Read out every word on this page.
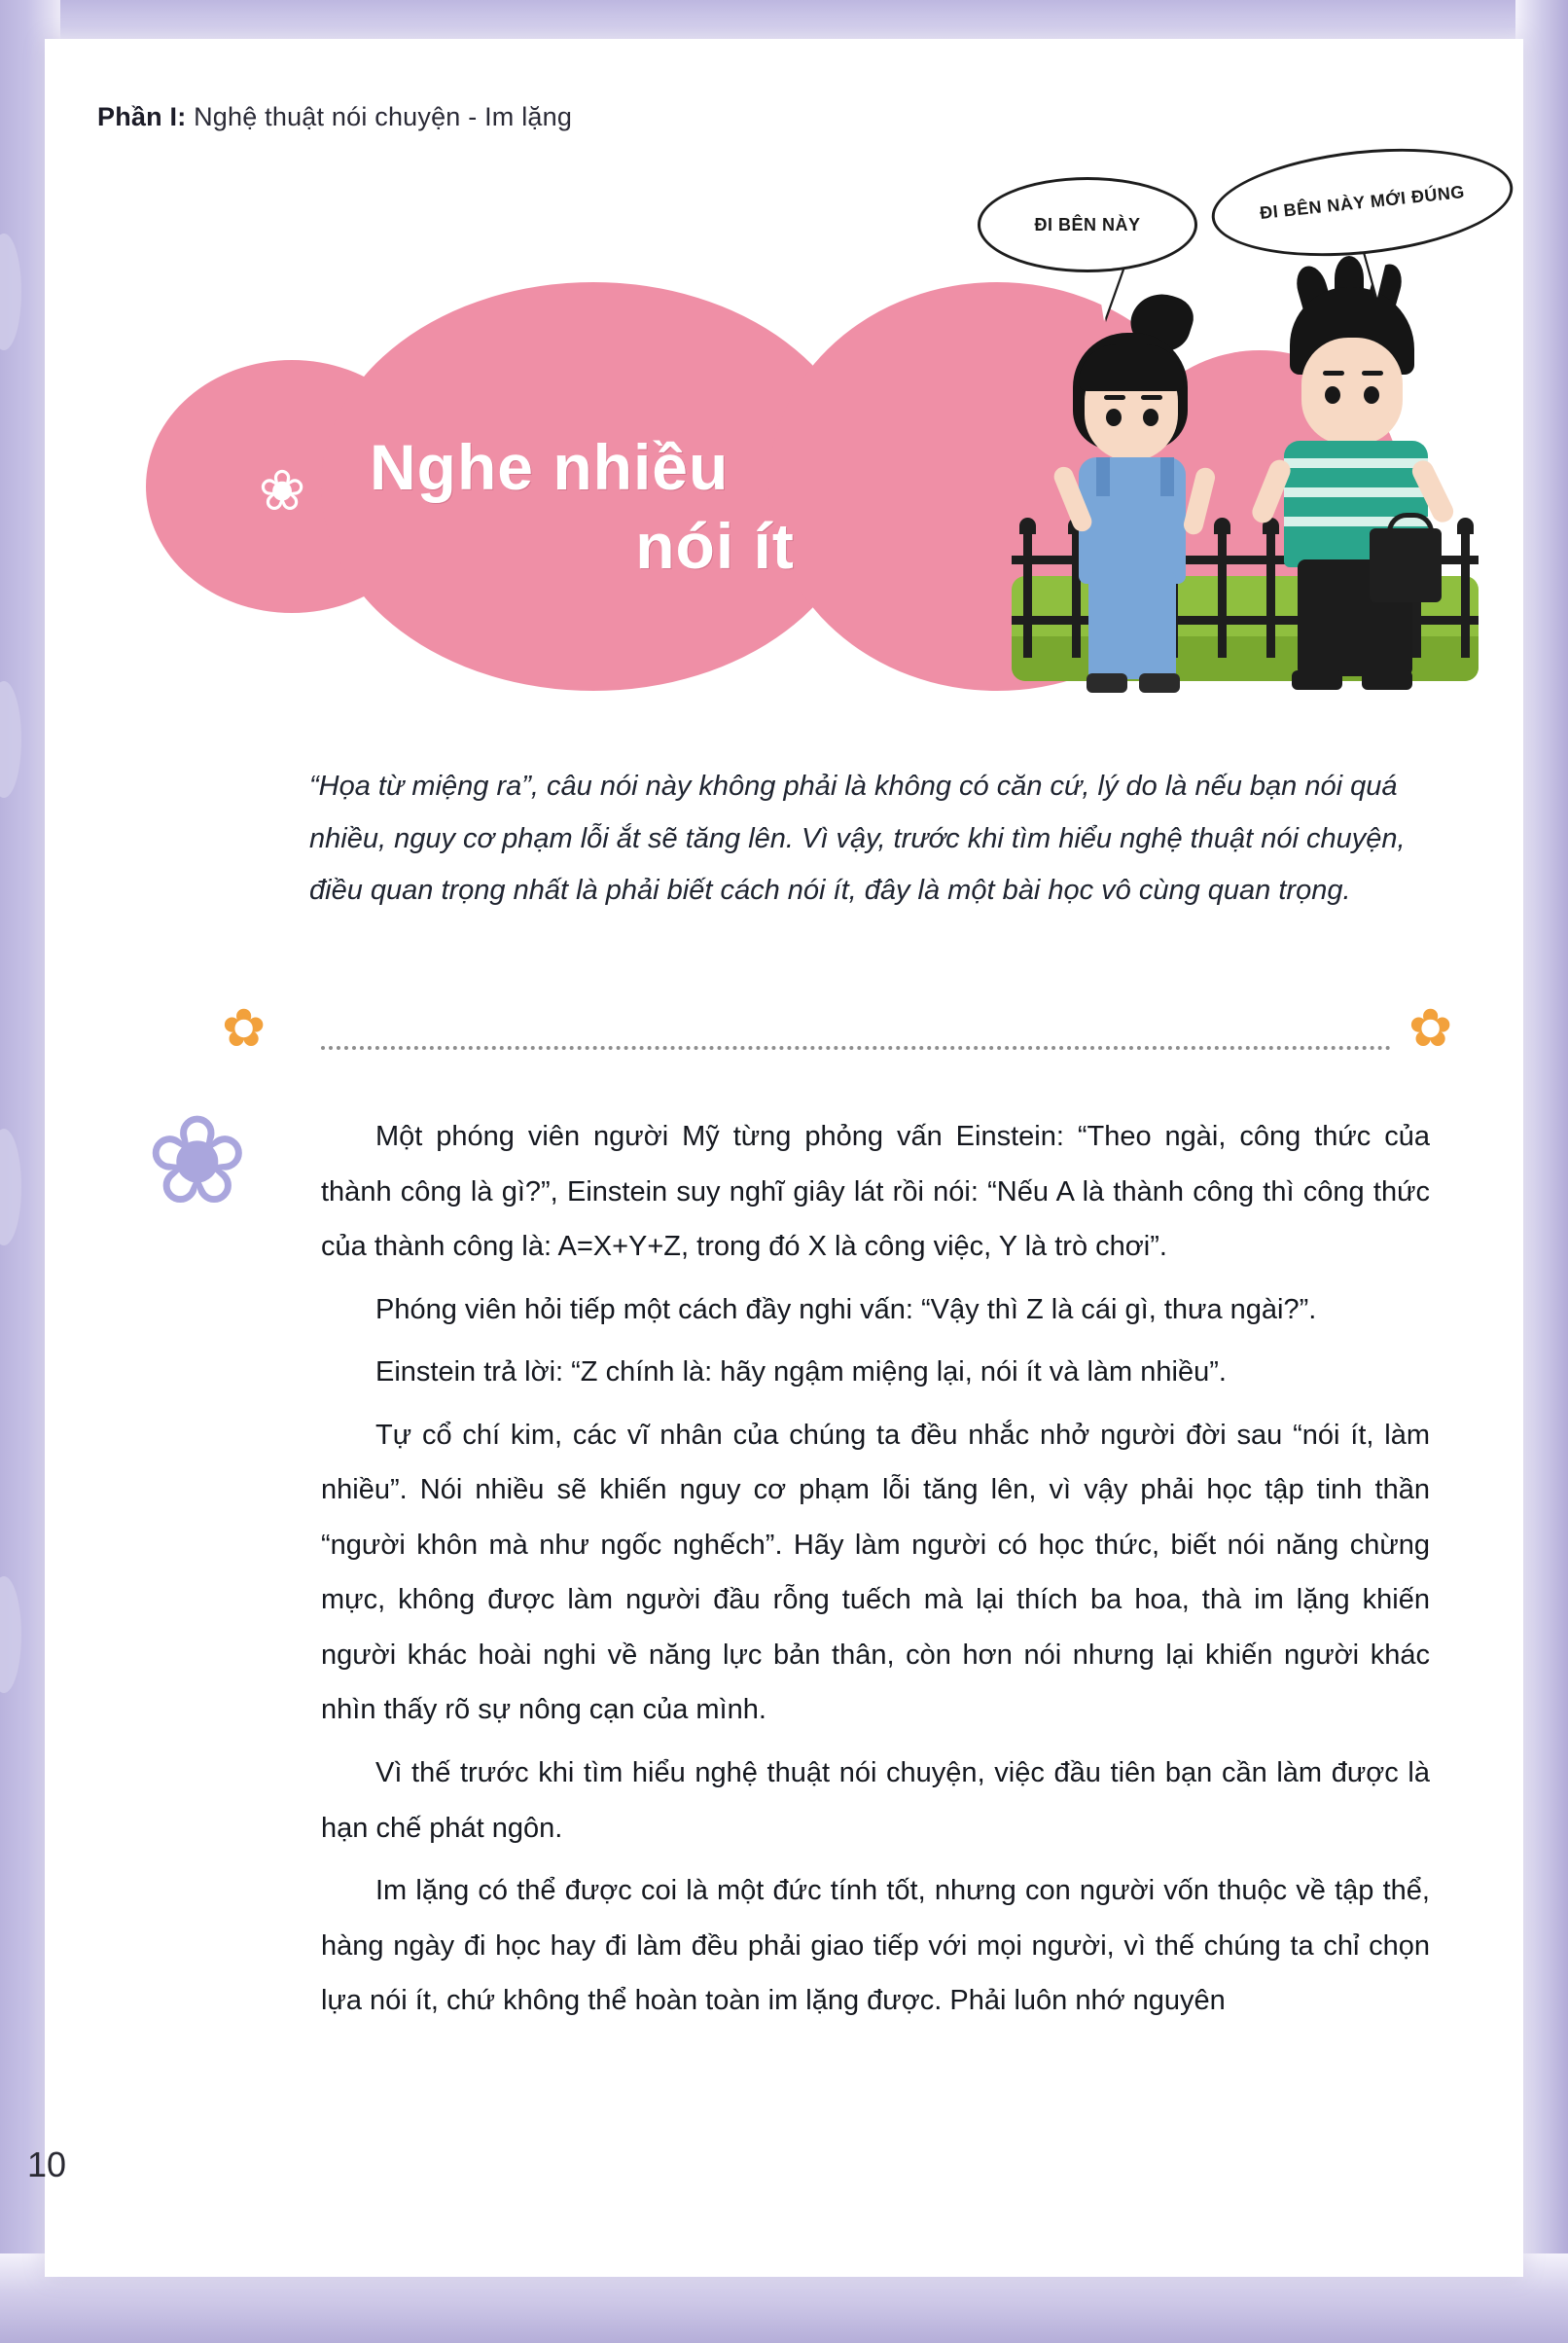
Phần I: Nghệ thuật nói chuyện - Im lặng
❀ Nghe nhiều
nói ít
ĐI BÊN NÀY
ĐI BÊN NÀY MỚI ĐÚNG
“Họa từ miệng ra”, câu nói này không phải là không có căn cứ, lý do là nếu bạn nói quá nhiều, nguy cơ phạm lỗi ắt sẽ tăng lên. Vì vậy, trước khi tìm hiểu nghệ thuật nói chuyện, điều quan trọng nhất là phải biết cách nói ít, đây là một bài học vô cùng quan trọng.
✿	✿
❀	Một phóng viên người Mỹ từng phỏng vấn Einstein: “Theo ngài, công thức của thành công là gì?”, Einstein suy nghĩ giây lát rồi nói: “Nếu A là thành công thì công thức của thành công là: A=X+Y+Z, trong đó X là công việc, Y là trò chơi”.

Phóng viên hỏi tiếp một cách đầy nghi vấn: “Vậy thì Z là cái gì, thưa ngài?”.

Einstein trả lời: “Z chính là: hãy ngậm miệng lại, nói ít và làm nhiều”.

Tự cổ chí kim, các vĩ nhân của chúng ta đều nhắc nhở người đời sau “nói ít, làm nhiều”. Nói nhiều sẽ khiến nguy cơ phạm lỗi tăng lên, vì vậy phải học tập tinh thần “người khôn mà như ngốc nghếch”. Hãy làm người có học thức, biết nói năng chừng mực, không được làm người đầu rỗng tuếch mà lại thích ba hoa, thà im lặng khiến người khác hoài nghi về năng lực bản thân, còn hơn nói nhưng lại khiến người khác nhìn thấy rõ sự nông cạn của mình.

Vì thế trước khi tìm hiểu nghệ thuật nói chuyện, việc đầu tiên bạn cần làm được là hạn chế phát ngôn.

Im lặng có thể được coi là một đức tính tốt, nhưng con người vốn thuộc về tập thể, hàng ngày đi học hay đi làm đều phải giao tiếp với mọi người, vì thế chúng ta chỉ chọn lựa nói ít, chứ không thể hoàn toàn im lặng được. Phải luôn nhớ nguyên

10
